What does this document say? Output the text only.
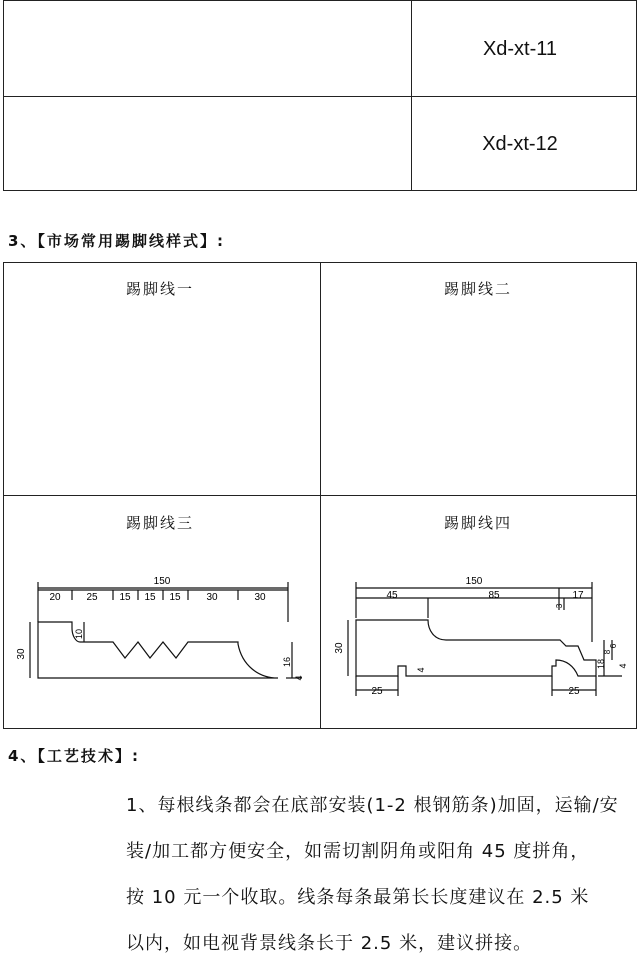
Xd-xt-11
Xd-xt-12
3、【市场常用踢脚线样式】:
踢脚线一	踢脚线二
踢脚线三	踢脚线四
150
20	25 15 15 15	30	30
30
10
16
4
150
45	85	17
3
30
4
18
8
6
4
25	25
4、【工艺技术】:
1、每根线条都会在底部安装(1-2 根钢筋条)加固，运输/安
装/加工都方便安全，如需切割阴角或阳角 45 度拼角，
按 10 元一个收取。线条每条最第长长度建议在 2.5 米
以内，如电视背景线条长于 2.5 米，建议拼接。
